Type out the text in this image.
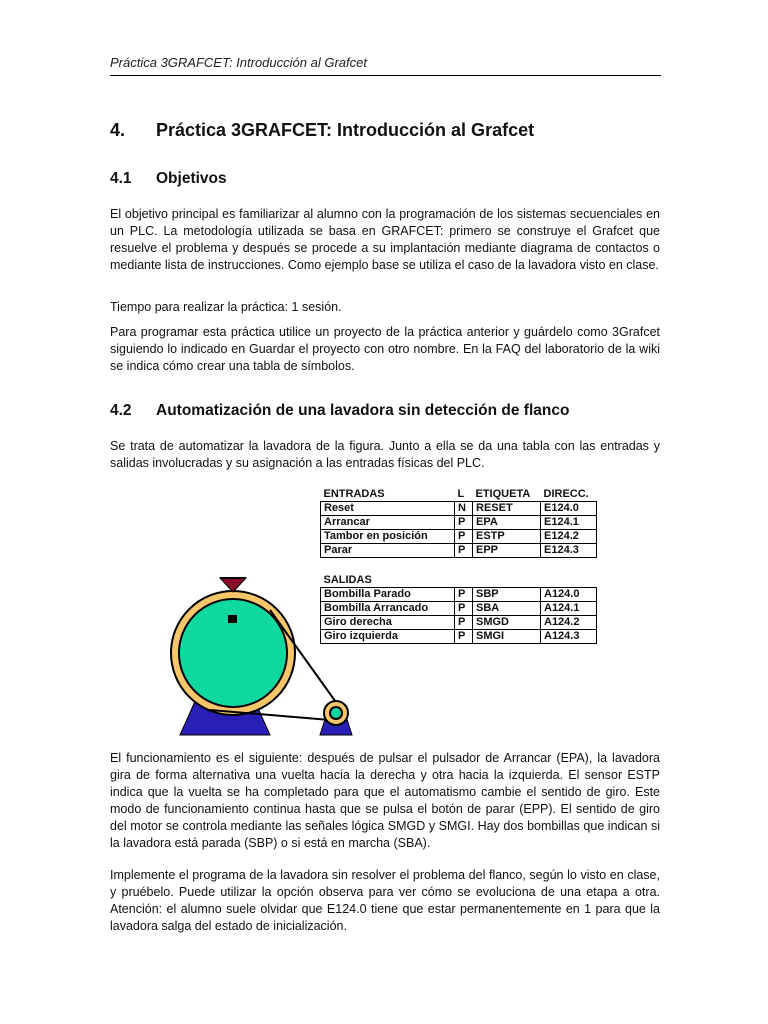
Práctica 3GRAFCET: Introducción al Grafcet
4. Práctica 3GRAFCET: Introducción al Grafcet
4.1 Objetivos
El objetivo principal es familiarizar al alumno con la programación de los sistemas secuenciales en un PLC. La metodología utilizada se basa en GRAFCET: primero se construye el Grafcet que resuelve el problema y después se procede a su implantación mediante diagrama de contactos o mediante lista de instrucciones. Como ejemplo base se utiliza el caso de la lavadora visto en clase.
Tiempo para realizar la práctica: 1 sesión.
Para programar esta práctica utilice un proyecto de la práctica anterior y guárdelo como 3Grafcet siguiendo lo indicado en Guardar el proyecto con otro nombre. En la FAQ del laboratorio de la wiki se indica cómo crear una tabla de símbolos.
4.2 Automatización de una lavadora sin detección de flanco
Se trata de automatizar la lavadora de la figura. Junto a ella se da una tabla con las entradas y salidas involucradas y su asignación a las entradas físicas del PLC.
ENTRADAS	L	ETIQUETA	DIRECC.
Reset	N	RESET	E124.0
Arrancar	P	EPA	E124.1
Tambor en posición	P	ESTP	E124.2
Parar	P	EPP	E124.3
SALIDAS			
Bombilla Parado	P	SBP	A124.0
Bombilla Arrancado	P	SBA	A124.1
Giro derecha	P	SMGD	A124.2
Giro izquierda	P	SMGI	A124.3
El funcionamiento es el siguiente: después de pulsar el pulsador de Arrancar (EPA), la lavadora gira de forma alternativa una vuelta hacia la derecha y otra hacia la izquierda. El sensor ESTP indica que la vuelta se ha completado para que el automatismo cambie el sentido de giro. Este modo de funcionamiento continua hasta que se pulsa el botón de parar (EPP). El sentido de giro del motor se controla mediante las señales lógica SMGD y SMGI. Hay dos bombillas que indican si la lavadora está parada (SBP) o si está en marcha (SBA).
Implemente el programa de la lavadora sin resolver el problema del flanco, según lo visto en clase, y pruébelo. Puede utilizar la opción observa para ver cómo se evoluciona de una etapa a otra. Atención: el alumno suele olvidar que E124.0 tiene que estar permanentemente en 1 para que la lavadora salga del estado de inicialización.
